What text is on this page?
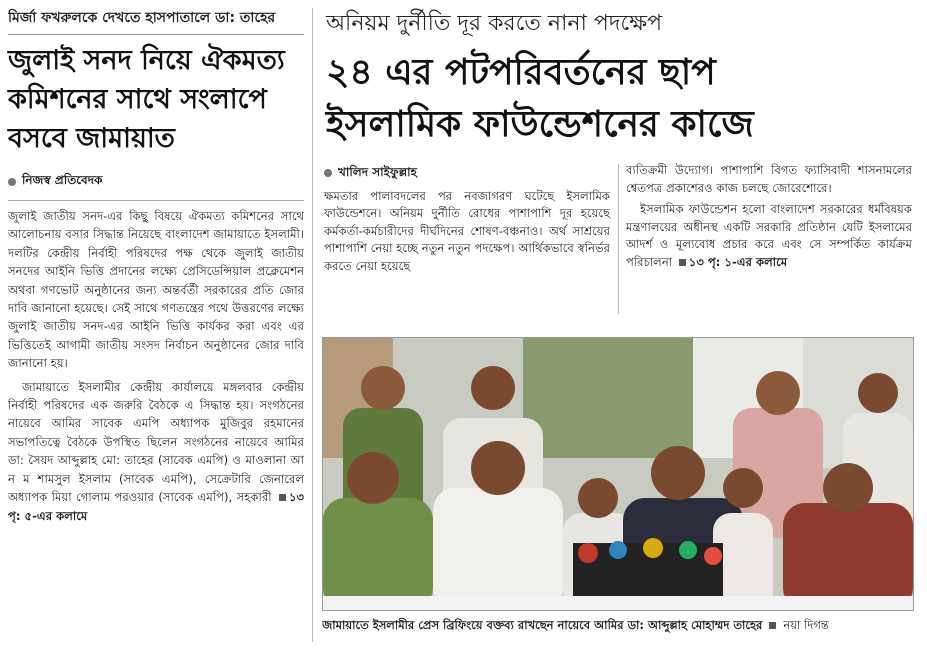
মির্জা ফখরুলকে দেখতে হাসপাতালে ডা: তাহের
জুলাই সনদ নিয়ে ঐকমত্য
কমিশনের সাথে সংলাপে
বসবে জামায়াত
নিজস্ব প্রতিবেদক

জুলাই জাতীয় সনদ-এর কিছু বিষয়ে ঐকমত্য কমিশনের সাথে আলোচনায় বসার সিদ্ধান্ত নিয়েছে বাংলাদেশ জামায়াতে ইসলামী। দলটির কেন্দ্রীয় নির্বাহী পরিষদের পক্ষ থেকে জুলাই জাতীয় সনদের আইনি ভিত্তি প্রদানের লক্ষ্যে প্রেসিডেন্সিয়াল প্রক্লেমেশন অথবা গণভোট অনুষ্ঠানের জন্য অন্তর্বর্তী সরকারের প্রতি জোর দাবি জানানো হয়েছে। সেই সাথে গণতন্ত্রের পথে উত্তরণের লক্ষ্যে জুলাই জাতীয় সনদ-এর আইনি ভিত্তি কার্যকর করা এবং এর ভিত্তিতেই আগামী জাতীয় সংসদ নির্বাচন অনুষ্ঠানের জোর দাবি জানানো হয়।

জামায়াতে ইসলামীর কেন্দ্রীয় কার্যালয়ে মঙ্গলবার কেন্দ্রীয় নির্বাহী পরিষদের এক জরুরি বৈঠকে এ সিদ্ধান্ত হয়। সংগঠনের নায়েবে আমির সাবেক এমপি অধ্যাপক মুজিবুর রহমানের সভাপতিত্বে বৈঠকে উপস্থিত ছিলেন সংগঠনের নায়েবে আমির ডা: সৈয়দ আব্দুল্লাহ মো: তাহের (সাবেক এমপি) ও মাওলানা আ ন ম শামসুল ইসলাম (সাবেক এমপি), সেক্রেটারি জেনারেল অধ্যাপক মিয়া গোলাম পরওয়ার (সাবেক এমপি), সহকারী ১৩ পৃ: ৫-এর কলামে

অনিয়ম দুর্নীতি দূর করতে নানা পদক্ষেপ
২৪ এর পটপরিবর্তনের ছাপ
ইসলামিক ফাউন্ডেশনের কাজে
খালিদ সাইফুল্লাহ

ক্ষমতার পালাবদলের পর নবজাগরণ ঘটেছে ইসলামিক ফাউন্ডেশনে। অনিয়ম দুর্নীতি রোধের পাশাপাশি দূর হয়েছে কর্মকর্তা-কর্মচারীদের দীর্ঘদিনের শোষণ-বঞ্চনাও। অর্থ সাশ্রয়ের পাশাপাশি নেয়া হচ্ছে নতুন নতুন পদক্ষেপ। আর্থিকভাবে স্বনির্ভর করতে নেয়া হয়েছে

ব্যতিক্রমী উদ্যোগ। পাশাপাশি বিগত ফ্যাসিবাদী শাসনামলের শ্বেতপত্র প্রকাশেরও কাজ চলছে জোরেশোরে।

ইসলামিক ফাউন্ডেশন হলো বাংলাদেশ সরকারের ধর্মবিষয়ক মন্ত্রণালয়ের অধীনস্থ একটি সরকারি প্রতিষ্ঠান যেটি ইসলামের আদর্শ ও মূল্যবোধ প্রচার করে এবং সে সম্পর্কিত কার্যক্রম পরিচালনা ১৩ পৃ: ১-এর কলামে

জামায়াতে ইসলামীর প্রেস ব্রিফিংয়ে বক্তব্য রাখছেন নায়েবে আমির ডা: আব্দুল্লাহ মোহাম্মদ তাহের নয়া দিগন্ত
